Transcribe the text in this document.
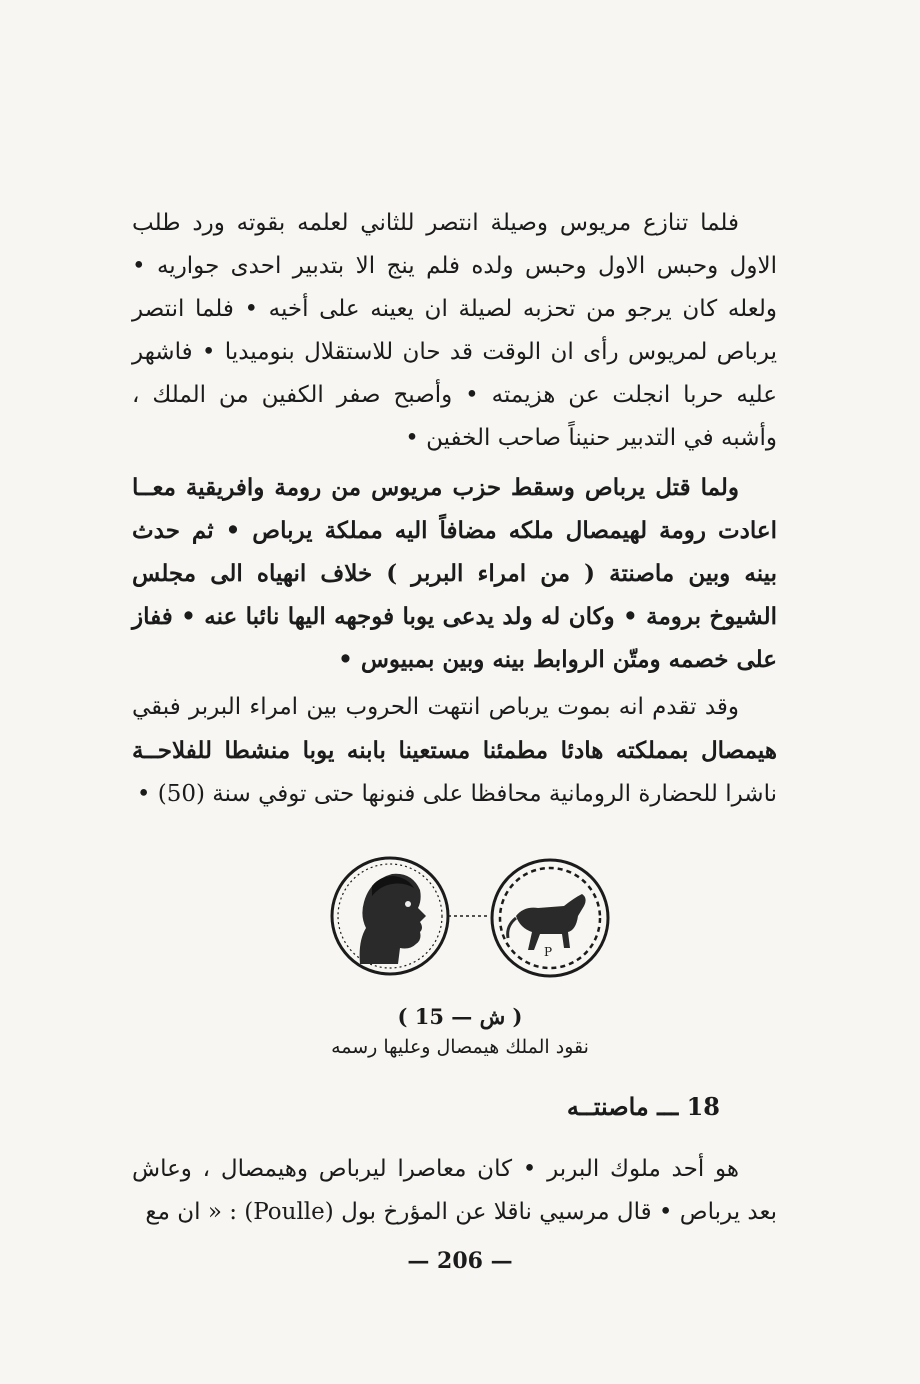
فلما تنازع مريوس وصيلة انتصر للثاني لعلمه بقوته ورد طلب الاول وحبس الاول وحبس ولده فلم ينج الا بتدبير احدى جواريه • ولعله كان يرجو من تحزبه لصيلة ان يعينه على أخيه • فلما انتصر يرباص لمريوس رأى ان الوقت قد حان للاستقلال بنوميديا • فاشهر عليه حربا انجلت عن هزيمته • وأصبح صفر الكفين من الملك ، وأشبه في التدبير حنيناً صاحب الخفين •

ولما قتل يرباص وسقط حزب مريوس من رومة وافريقية معــا اعادت رومة لهيمصال ملكه مضافاً اليه مملكة يرباص • ثم حدث بينه وبين ماصنتة ( من امراء البربر ) خلاف انهياه الى مجلس الشيوخ برومة • وكان له ولد يدعى يوبا فوجهه اليها نائبا عنه • ففاز على خصمه ومتّن الروابط بينه وبين بمبيوس •

وقد تقدم انه بموت يرباص انتهت الحروب بين امراء البربر فبقي هيمصال بمملكته هادئا مطمئنا مستعينا بابنه يوبا منشطا للفلاحــة ناشرا للحضارة الرومانية محافظا على فنونها حتى توفي سنة (50) •

P
( ش — 15 )
نقود الملك هيمصال وعليها رسمه
18 ـــ ماصنتــه

هو أحد ملوك البربر • كان معاصرا ليرباص وهيمصال ، وعاش بعد يرباص • قال مرسيي ناقلا عن المؤرخ بول (Poulle) : « ان مع

— 206 —
